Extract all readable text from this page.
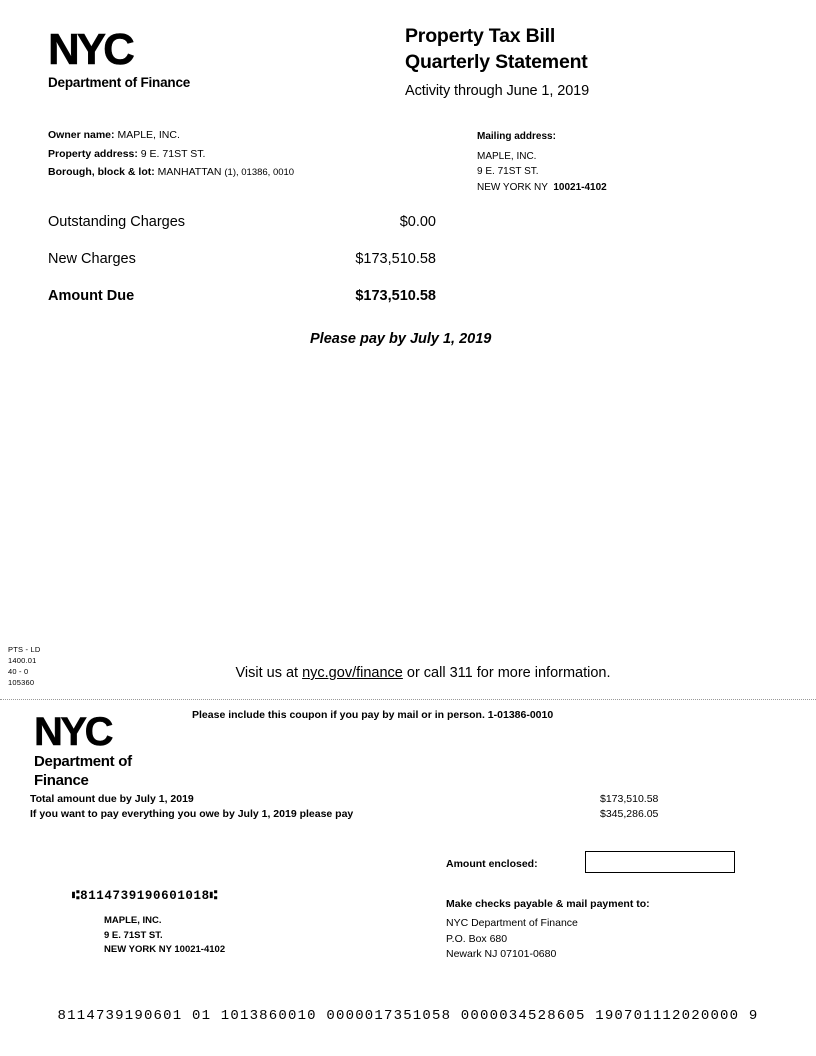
NYC
Department of Finance
Property Tax Bill
Quarterly Statement
Activity through June 1, 2019
Owner name: MAPLE, INC.
Property address: 9 E. 71ST ST.
Borough, block & lot: MANHATTAN (1), 01386, 0010
Mailing address:
MAPLE, INC.
9 E. 71ST ST.
NEW YORK NY 10021-4102
Outstanding Charges	$0.00
New Charges	$173,510.58
Amount Due	$173,510.58
Please pay by July 1, 2019
PTS - LD
1400.01
40 - 0
105360
Visit us at nyc.gov/finance or call 311 for more information.
NYC
Department of
Finance
Please include this coupon if you pay by mail or in person. 1-01386-0010
Total amount due by July 1, 2019	$173,510.58
If you want to pay everything you owe by July 1, 2019 please pay	$345,286.05
Amount enclosed:
⑆8114739190601018⑆
MAPLE, INC.
9 E. 71ST ST.
NEW YORK NY 10021-4102
Make checks payable & mail payment to:
NYC Department of Finance
P.O. Box 680
Newark NJ 07101-0680
8114739190601 01 1013860010 0000017351058 0000034528605 190701112020000 9
